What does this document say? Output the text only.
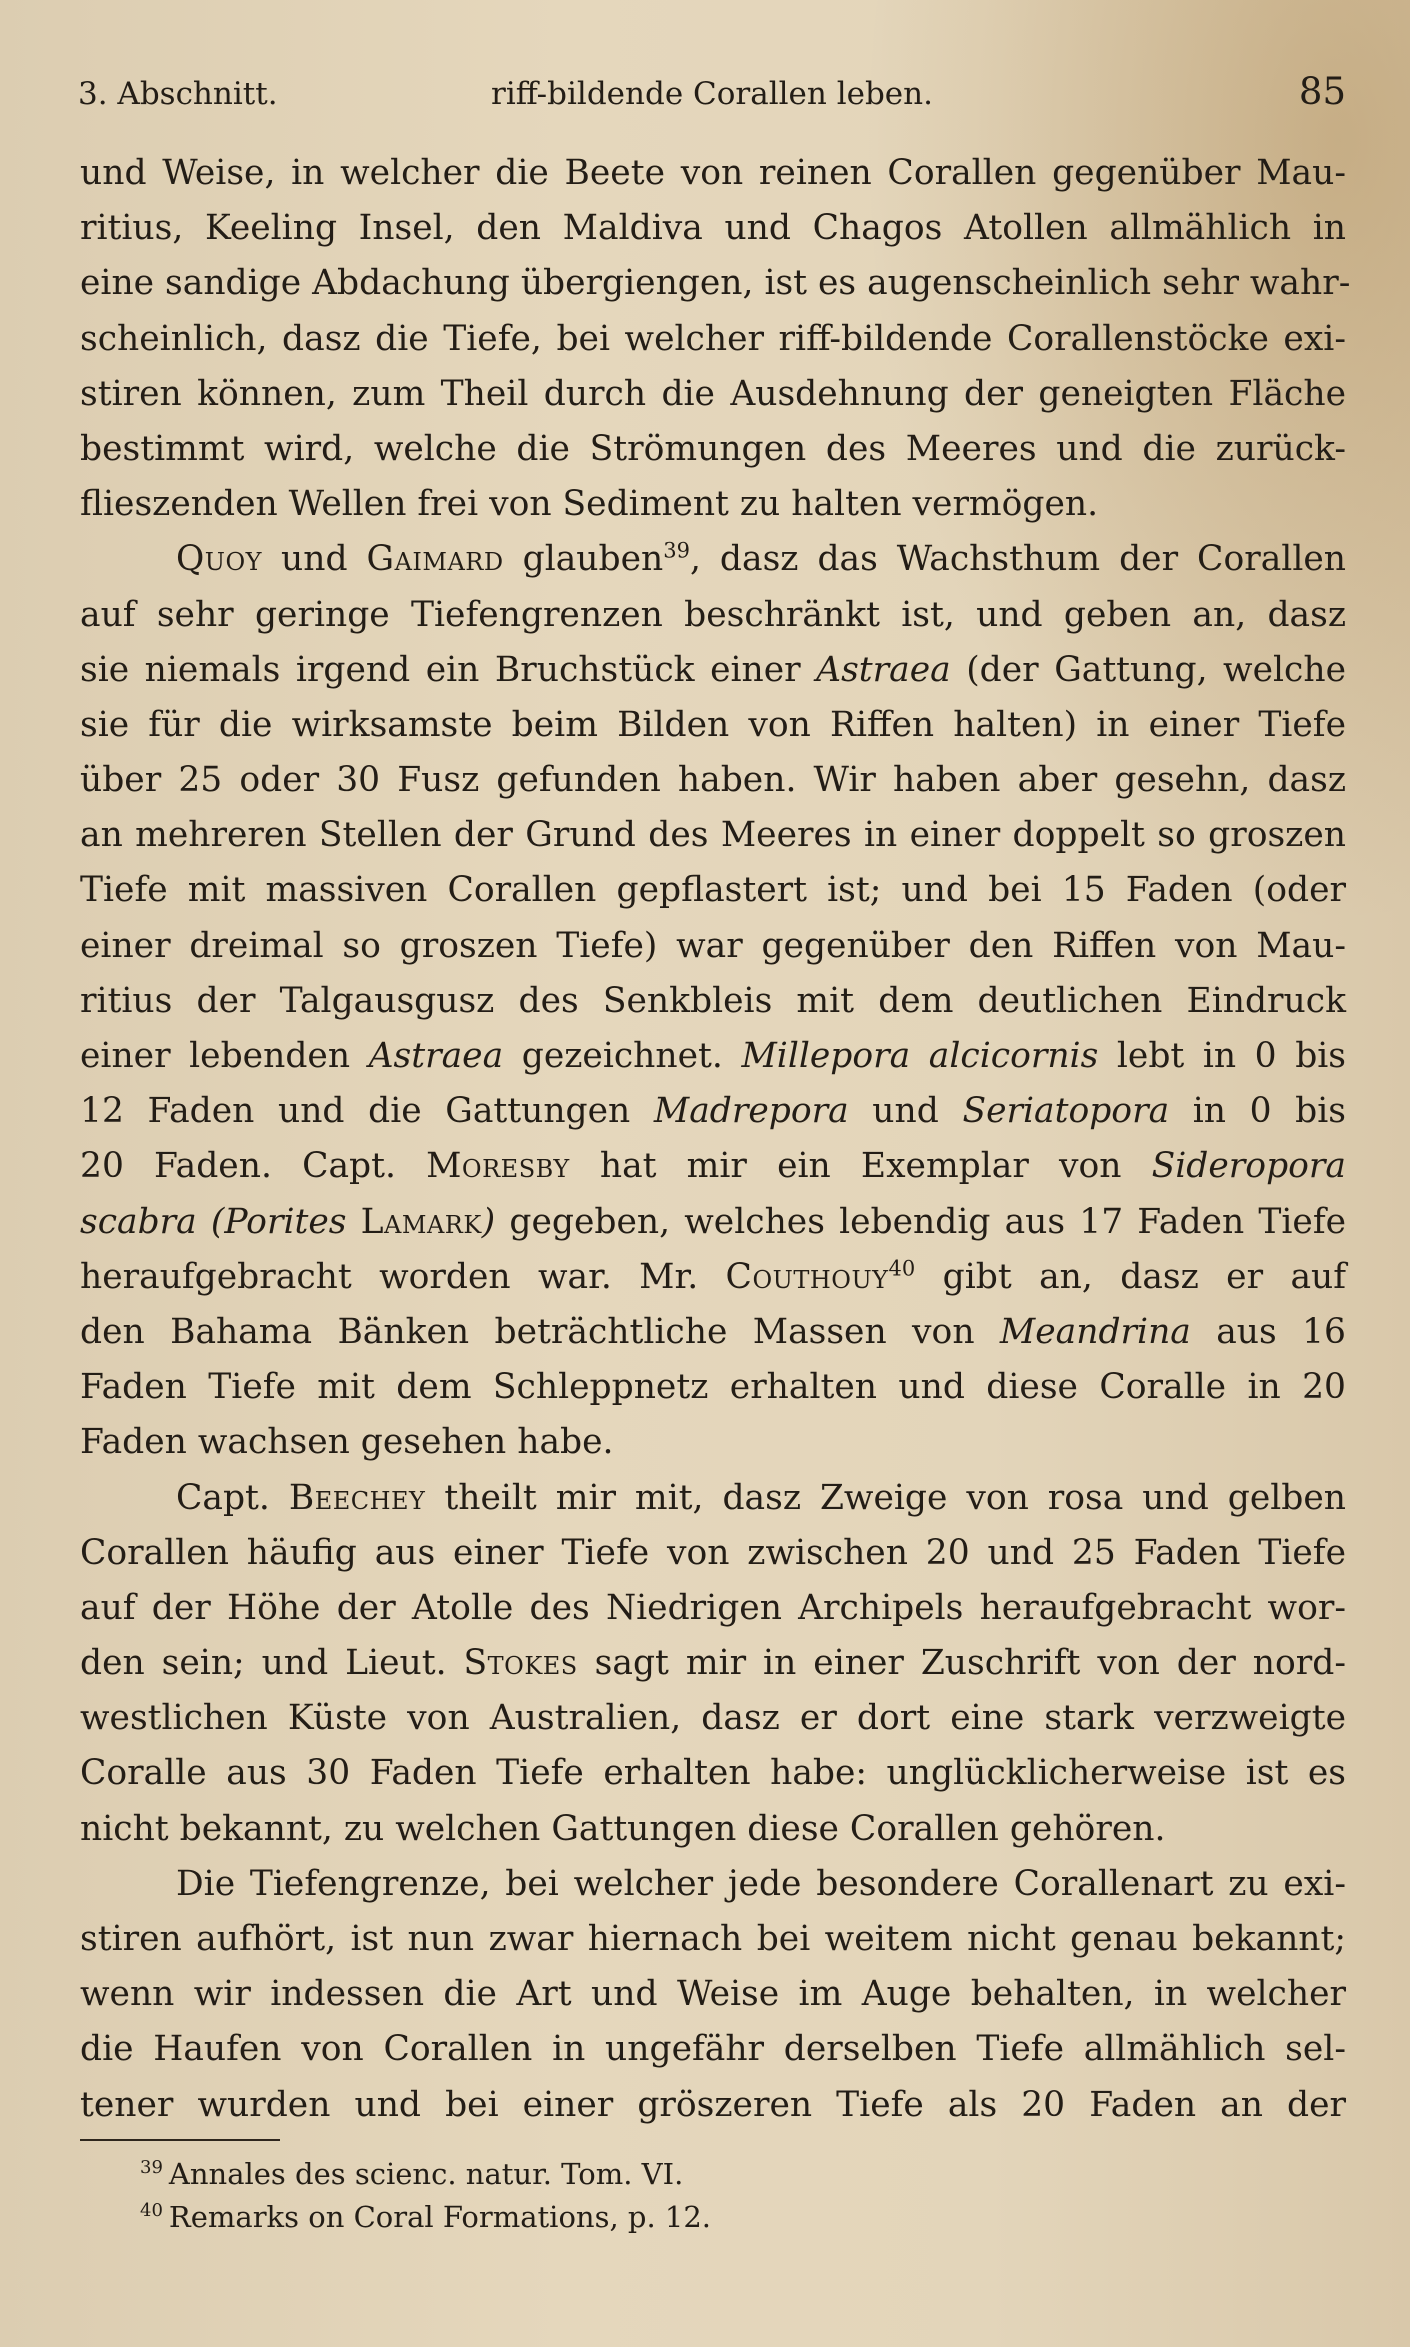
3. Abschnitt.	riff-bildende Corallen leben.	85
und Weise, in welcher die Beete von reinen Corallen gegenüber Mau-
ritius, Keeling Insel, den Maldiva und Chagos Atollen allmählich in
eine sandige Abdachung übergiengen, ist es augenscheinlich sehr wahr-
scheinlich, dasz die Tiefe, bei welcher riff-bildende Corallenstöcke exi-
stiren können, zum Theil durch die Ausdehnung der geneigten Fläche
bestimmt wird, welche die Strömungen des Meeres und die zurück-
flieszenden Wellen frei von Sediment zu halten vermögen.
Quoy und Gaimard glauben$^{39}$, dasz das Wachsthum der Corallen
auf sehr geringe Tiefengrenzen beschränkt ist, und geben an, dasz
sie niemals irgend ein Bruchstück einer Astraea (der Gattung, welche
sie für die wirksamste beim Bilden von Riffen halten) in einer Tiefe
über 25 oder 30 Fusz gefunden haben. Wir haben aber gesehn, dasz
an mehreren Stellen der Grund des Meeres in einer doppelt so groszen
Tiefe mit massiven Corallen gepflastert ist; und bei 15 Faden (oder
einer dreimal so groszen Tiefe) war gegenüber den Riffen von Mau-
ritius der Talgausgusz des Senkbleis mit dem deutlichen Eindruck
einer lebenden Astraea gezeichnet. Millepora alcicornis lebt in 0 bis
12 Faden und die Gattungen Madrepora und Seriatopora in 0 bis
20 Faden. Capt. Moresby hat mir ein Exemplar von Sideropora
scabra (Porites Lamark) gegeben, welches lebendig aus 17 Faden Tiefe
heraufgebracht worden war. Mr. Couthouy$^{40}$ gibt an, dasz er auf
den Bahama Bänken beträchtliche Massen von Meandrina aus 16
Faden Tiefe mit dem Schleppnetz erhalten und diese Coralle in 20
Faden wachsen gesehen habe.
Capt. Beechey theilt mir mit, dasz Zweige von rosa und gelben
Corallen häufig aus einer Tiefe von zwischen 20 und 25 Faden Tiefe
auf der Höhe der Atolle des Niedrigen Archipels heraufgebracht wor-
den sein; und Lieut. Stokes sagt mir in einer Zuschrift von der nord-
westlichen Küste von Australien, dasz er dort eine stark verzweigte
Coralle aus 30 Faden Tiefe erhalten habe: unglücklicherweise ist es
nicht bekannt, zu welchen Gattungen diese Corallen gehören.
Die Tiefengrenze, bei welcher jede besondere Corallenart zu exi-
stiren aufhört, ist nun zwar hiernach bei weitem nicht genau bekannt;
wenn wir indessen die Art und Weise im Auge behalten, in welcher
die Haufen von Corallen in ungefähr derselben Tiefe allmählich sel-
tener wurden und bei einer gröszeren Tiefe als 20 Faden an der
$^{39}$ Annales des scienc. natur. Tom. VI.
$^{40}$ Remarks on Coral Formations, p. 12.
